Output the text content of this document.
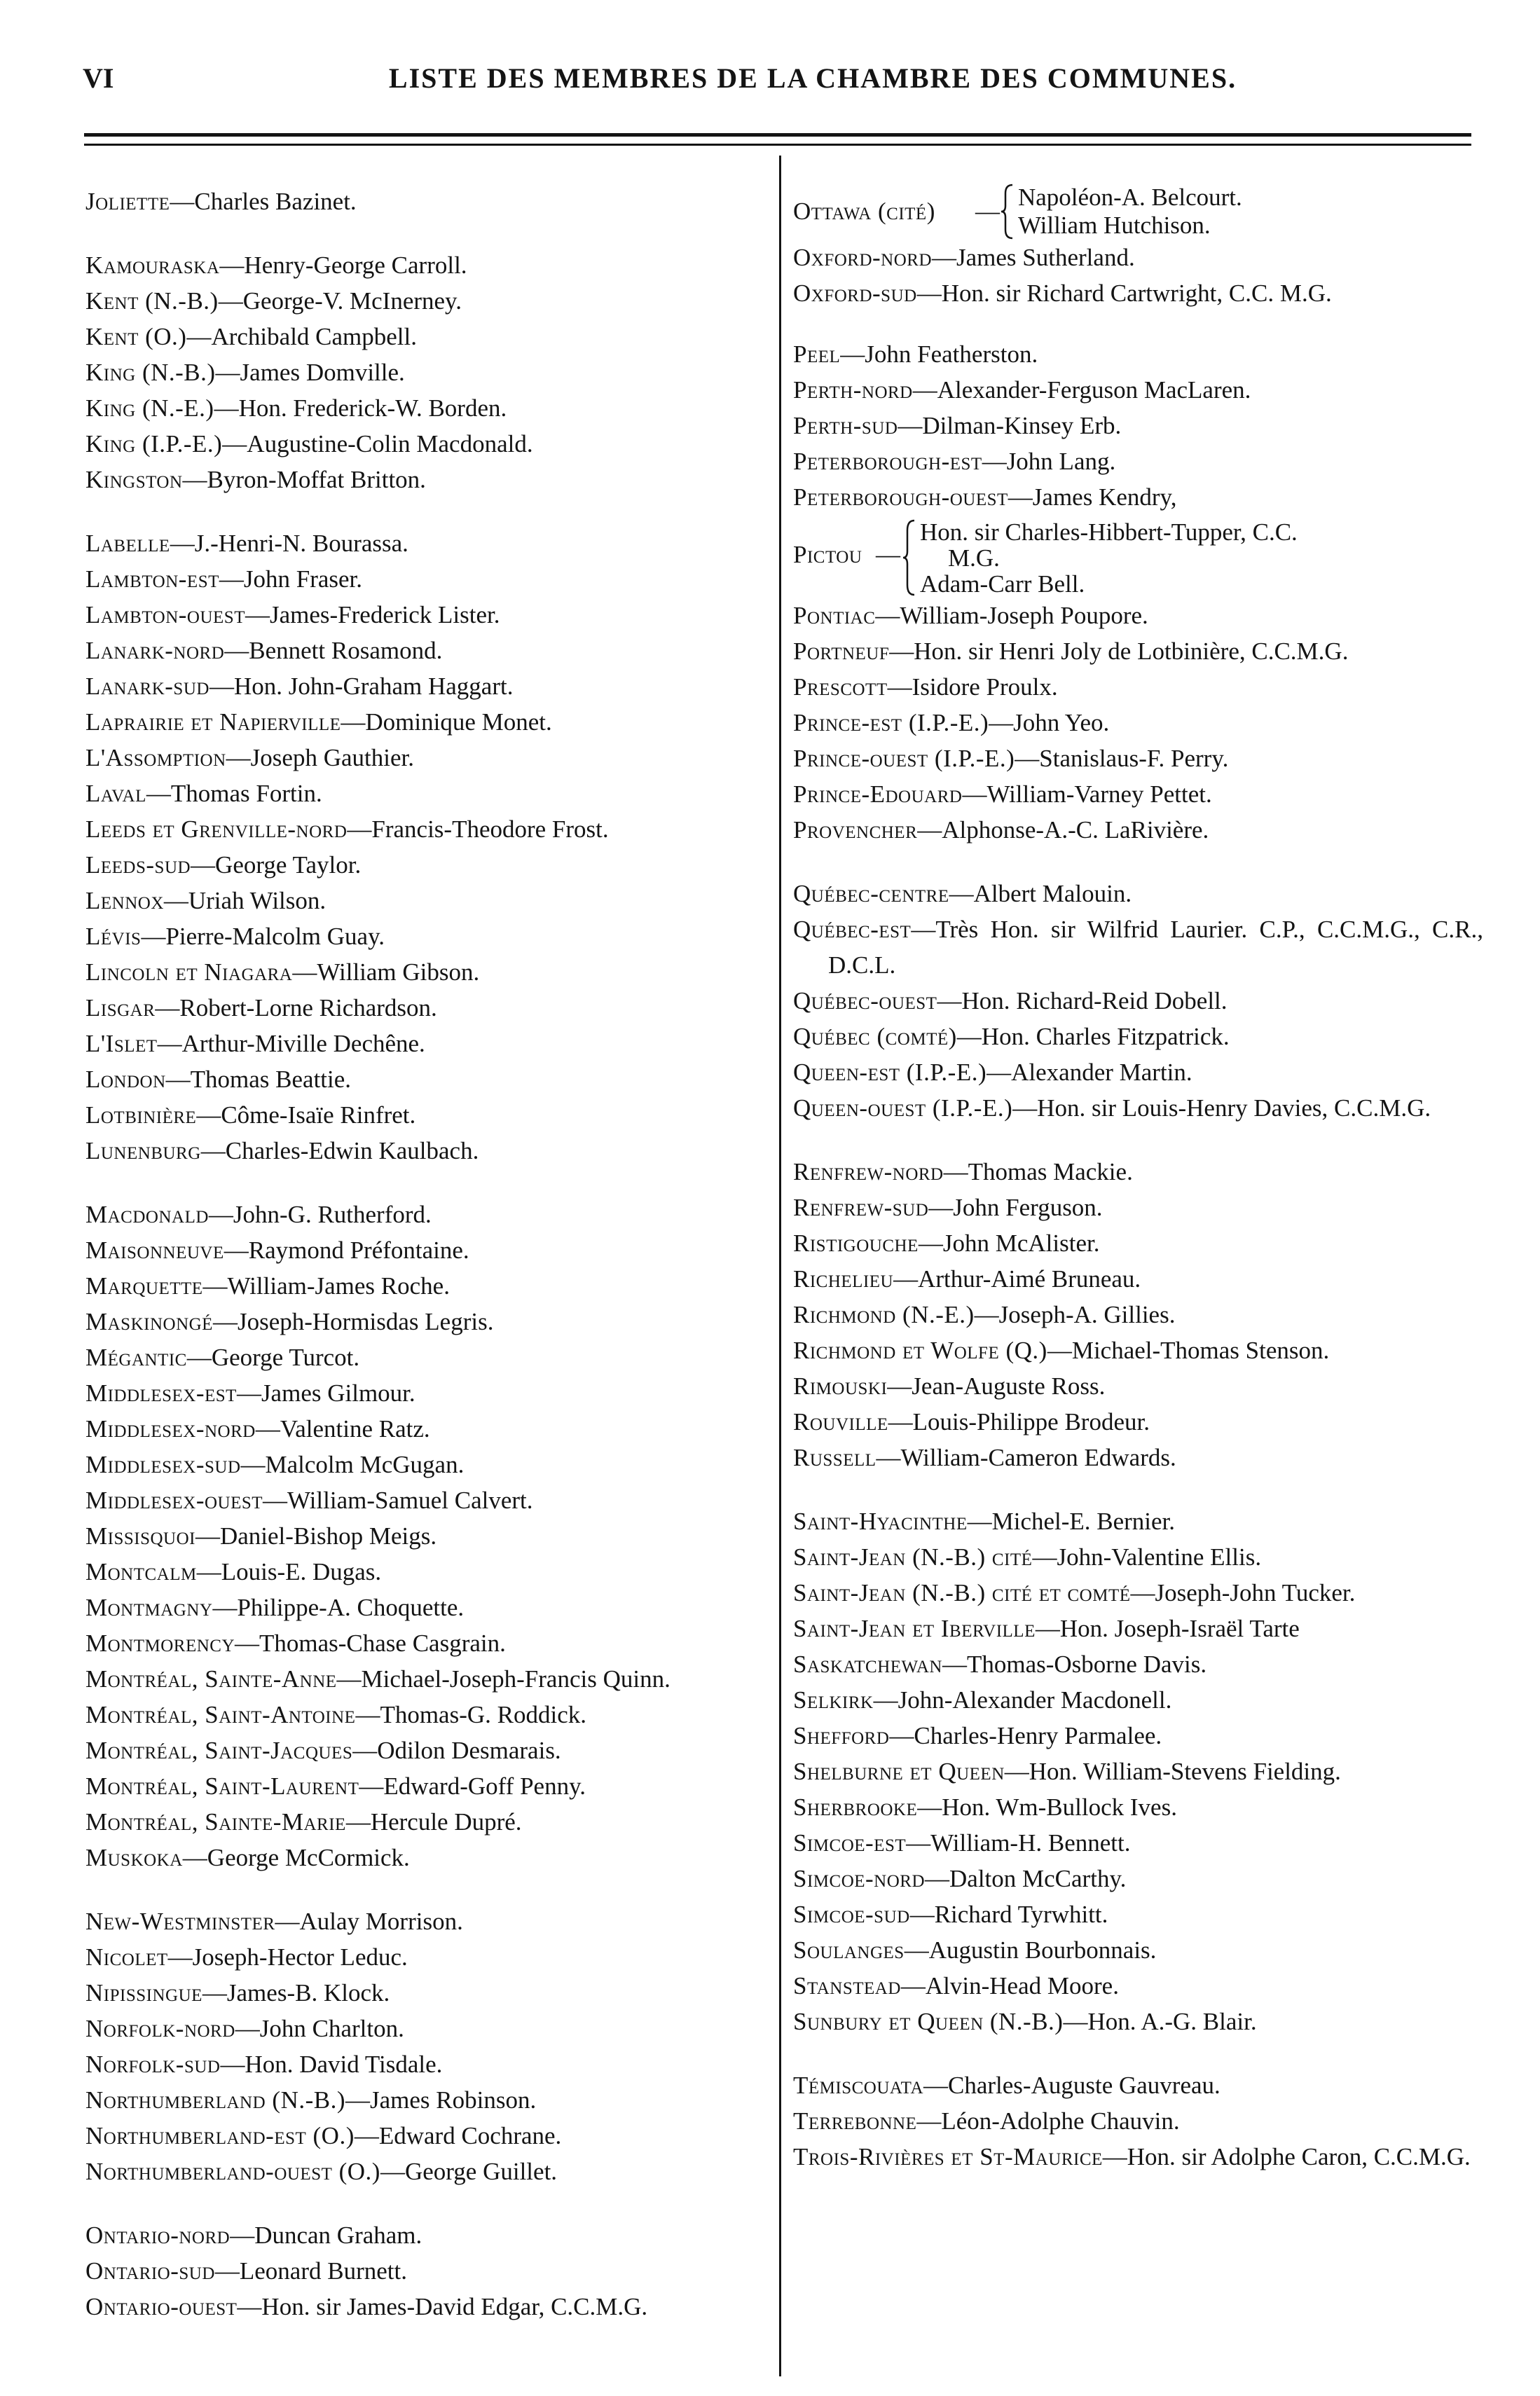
VI	LISTE DES MEMBRES DE LA CHAMBRE DES COMMUNES.
Joliette—Charles Bazinet.
Kamouraska—Henry-George Carroll.
Kent (N.-B.)—George-V. McInerney.
Kent (O.)—Archibald Campbell.
King (N.-B.)—James Domville.
King (N.-E.)—Hon. Frederick-W. Borden.
King (I.P.-E.)—Augustine-Colin Macdonald.
Kingston—Byron-Moffat Britton.
Labelle—J.-Henri-N. Bourassa.
Lambton-est—John Fraser.
Lambton-ouest—James-Frederick Lister.
Lanark-nord—Bennett Rosamond.
Lanark-sud—Hon. John-Graham Haggart.
Laprairie et Napierville—Dominique Monet.
L'Assomption—Joseph Gauthier.
Laval—Thomas Fortin.
Leeds et Grenville-nord—Francis-Theodore Frost.
Leeds-sud—George Taylor.
Lennox—Uriah Wilson.
Lévis—Pierre-Malcolm Guay.
Lincoln et Niagara—William Gibson.
Lisgar—Robert-Lorne Richardson.
L'Islet—Arthur-Miville Dechêne.
London—Thomas Beattie.
Lotbinière—Côme-Isaïe Rinfret.
Lunenburg—Charles-Edwin Kaulbach.
Macdonald—John-G. Rutherford.
Maisonneuve—Raymond Préfontaine.
Marquette—William-James Roche.
Maskinongé—Joseph-Hormisdas Legris.
Mégantic—George Turcot.
Middlesex-est—James Gilmour.
Middlesex-nord—Valentine Ratz.
Middlesex-sud—Malcolm McGugan.
Middlesex-ouest—William-Samuel Calvert.
Missisquoi—Daniel-Bishop Meigs.
Montcalm—Louis-E. Dugas.
Montmagny—Philippe-A. Choquette.
Montmorency—Thomas-Chase Casgrain.
Montréal, Sainte-Anne—Michael-Joseph-Francis Quinn.
Montréal, Saint-Antoine—Thomas-G. Roddick.
Montréal, Saint-Jacques—Odilon Desmarais.
Montréal, Saint-Laurent—Edward-Goff Penny.
Montréal, Sainte-Marie—Hercule Dupré.
Muskoka—George McCormick.
New-Westminster—Aulay Morrison.
Nicolet—Joseph-Hector Leduc.
Nipissingue—James-B. Klock.
Norfolk-nord—John Charlton.
Norfolk-sud—Hon. David Tisdale.
Northumberland (N.-B.)—James Robinson.
Northumberland-est (O.)—Edward Cochrane.
Northumberland-ouest (O.)—George Guillet.
Ontario-nord—Duncan Graham.
Ontario-sud—Leonard Burnett.
Ontario-ouest—Hon. sir James-David Edgar, C.C.M.G.
Ottawa (cité) —
Napoléon-A. Belcourt.
William Hutchison.
Oxford-nord—James Sutherland.
Oxford-sud—Hon. sir Richard Cartwright, C.C. M.G.
Peel—John Featherston.
Perth-nord—Alexander-Ferguson MacLaren.
Perth-sud—Dilman-Kinsey Erb.
Peterborough-est—John Lang.
Peterborough-ouest—James Kendry,
Pictou —
Hon. sir Charles-Hibbert-Tupper, C.C.
M.G.
Adam-Carr Bell.
Pontiac—William-Joseph Poupore.
Portneuf—Hon. sir Henri Joly de Lotbinière, C.C.M.G.
Prescott—Isidore Proulx.
Prince-est (I.P.-E.)—John Yeo.
Prince-ouest (I.P.-E.)—Stanislaus-F. Perry.
Prince-Edouard—William-Varney Pettet.
Provencher—Alphonse-A.-C. LaRivière.
Québec-centre—Albert Malouin.
Québec-est—Très Hon. sir Wilfrid Laurier. C.P., C.C.M.G., C.R., D.C.L.
Québec-ouest—Hon. Richard-Reid Dobell.
Québec (comté)—Hon. Charles Fitzpatrick.
Queen-est (I.P.-E.)—Alexander Martin.
Queen-ouest (I.P.-E.)—Hon. sir Louis-Henry Davies, C.C.M.G.
Renfrew-nord—Thomas Mackie.
Renfrew-sud—John Ferguson.
Ristigouche—John McAlister.
Richelieu—Arthur-Aimé Bruneau.
Richmond (N.-E.)—Joseph-A. Gillies.
Richmond et Wolfe (Q.)—Michael-Thomas Stenson.
Rimouski—Jean-Auguste Ross.
Rouville—Louis-Philippe Brodeur.
Russell—William-Cameron Edwards.
Saint-Hyacinthe—Michel-E. Bernier.
Saint-Jean (N.-B.) cité—John-Valentine Ellis.
Saint-Jean (N.-B.) cité et comté—Joseph-John Tucker.
Saint-Jean et Iberville—Hon. Joseph-Israël Tarte
Saskatchewan—Thomas-Osborne Davis.
Selkirk—John-Alexander Macdonell.
Shefford—Charles-Henry Parmalee.
Shelburne et Queen—Hon. William-Stevens Fielding.
Sherbrooke—Hon. Wm-Bullock Ives.
Simcoe-est—William-H. Bennett.
Simcoe-nord—Dalton McCarthy.
Simcoe-sud—Richard Tyrwhitt.
Soulanges—Augustin Bourbonnais.
Stanstead—Alvin-Head Moore.
Sunbury et Queen (N.-B.)—Hon. A.-G. Blair.
Témiscouata—Charles-Auguste Gauvreau.
Terrebonne—Léon-Adolphe Chauvin.
Trois-Rivières et St-Maurice—Hon. sir Adolphe Caron, C.C.M.G.
